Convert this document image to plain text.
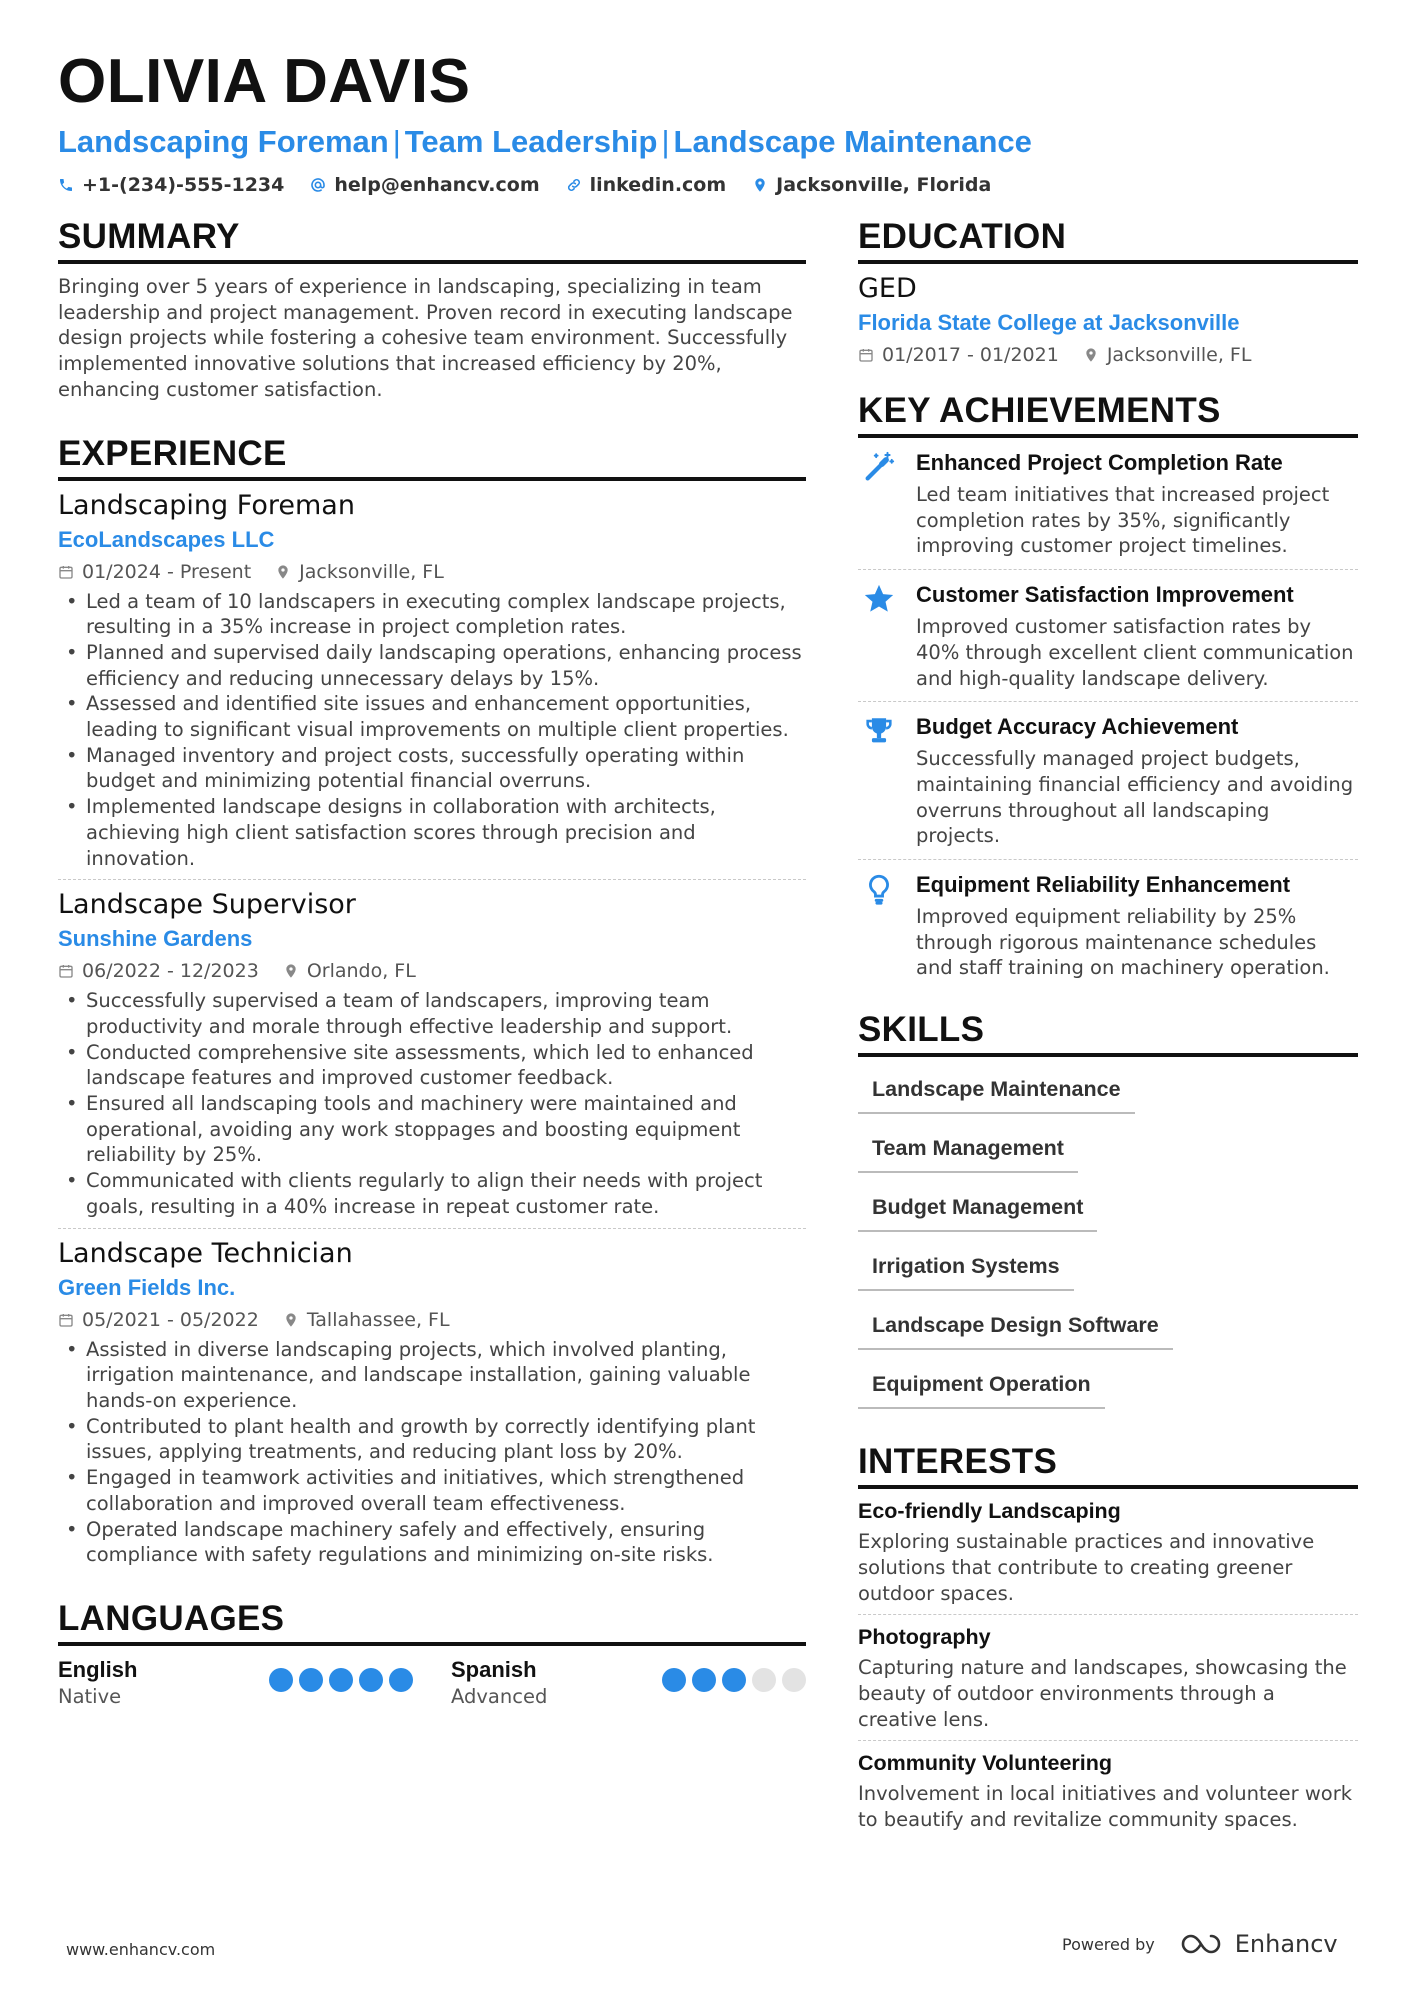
OLIVIA DAVIS
Landscaping Foreman | Team Leadership | Landscape Maintenance
+1-(234)-555-1234	help@enhancv.com	linkedin.com	Jacksonville, Florida
SUMMARY
Bringing over 5 years of experience in landscaping, specializing in team leadership and project management. Proven record in executing landscape design projects while fostering a cohesive team environment. Successfully implemented innovative solutions that increased efficiency by 20%, enhancing customer satisfaction.
EXPERIENCE
Landscaping Foreman
EcoLandscapes LLC
01/2024 - Present	Jacksonville, FL
• Led a team of 10 landscapers in executing complex landscape projects, resulting in a 35% increase in project completion rates.
• Planned and supervised daily landscaping operations, enhancing process efficiency and reducing unnecessary delays by 15%.
• Assessed and identified site issues and enhancement opportunities, leading to significant visual improvements on multiple client properties.
• Managed inventory and project costs, successfully operating within budget and minimizing potential financial overruns.
• Implemented landscape designs in collaboration with architects, achieving high client satisfaction scores through precision and innovation.
Landscape Supervisor
Sunshine Gardens
06/2022 - 12/2023	Orlando, FL
• Successfully supervised a team of landscapers, improving team productivity and morale through effective leadership and support.
• Conducted comprehensive site assessments, which led to enhanced landscape features and improved customer feedback.
• Ensured all landscaping tools and machinery were maintained and operational, avoiding any work stoppages and boosting equipment reliability by 25%.
• Communicated with clients regularly to align their needs with project goals, resulting in a 40% increase in repeat customer rate.
Landscape Technician
Green Fields Inc.
05/2021 - 05/2022	Tallahassee, FL
• Assisted in diverse landscaping projects, which involved planting, irrigation maintenance, and landscape installation, gaining valuable hands-on experience.
• Contributed to plant health and growth by correctly identifying plant issues, applying treatments, and reducing plant loss by 20%.
• Engaged in teamwork activities and initiatives, which strengthened collaboration and improved overall team effectiveness.
• Operated landscape machinery safely and effectively, ensuring compliance with safety regulations and minimizing on-site risks.
LANGUAGES
English
Native
Spanish
Advanced
EDUCATION
GED
Florida State College at Jacksonville
01/2017 - 01/2021	Jacksonville, FL
KEY ACHIEVEMENTS
Enhanced Project Completion Rate
Led team initiatives that increased project completion rates by 35%, significantly improving customer project timelines.
Customer Satisfaction Improvement
Improved customer satisfaction rates by 40% through excellent client communication and high-quality landscape delivery.
Budget Accuracy Achievement
Successfully managed project budgets, maintaining financial efficiency and avoiding overruns throughout all landscaping projects.
Equipment Reliability Enhancement
Improved equipment reliability by 25% through rigorous maintenance schedules and staff training on machinery operation.
SKILLS
Landscape Maintenance
Team Management
Budget Management
Irrigation Systems
Landscape Design Software
Equipment Operation
INTERESTS
Eco-friendly Landscaping
Exploring sustainable practices and innovative solutions that contribute to creating greener outdoor spaces.
Photography
Capturing nature and landscapes, showcasing the beauty of outdoor environments through a creative lens.
Community Volunteering
Involvement in local initiatives and volunteer work to beautify and revitalize community spaces.
www.enhancv.com	Powered by	Enhancv
